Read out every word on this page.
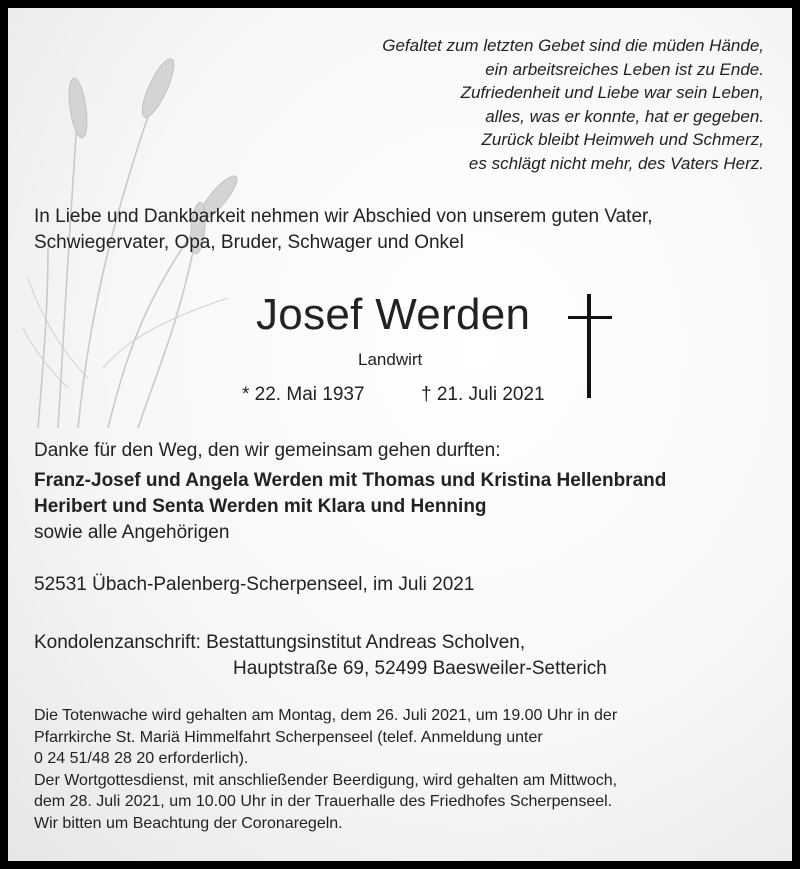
Gefaltet zum letzten Gebet sind die müden Hände,
ein arbeitsreiches Leben ist zu Ende.
Zufriedenheit und Liebe war sein Leben,
alles, was er konnte, hat er gegeben.
Zurück bleibt Heimweh und Schmerz,
es schlägt nicht mehr, des Vaters Herz.
In Liebe und Dankbarkeit nehmen wir Abschied von unserem guten Vater,
Schwiegervater, Opa, Bruder, Schwager und Onkel
Josef Werden
Landwirt
* 22. Mai 1937	† 21. Juli 2021
Danke für den Weg, den wir gemeinsam gehen durften:
Franz-Josef und Angela Werden mit Thomas und Kristina Hellenbrand
Heribert und Senta Werden mit Klara und Henning
sowie alle Angehörigen
52531 Übach-Palenberg-Scherpenseel, im Juli 2021
Kondolenzanschrift: Bestattungsinstitut Andreas Scholven,
Hauptstraße 69, 52499 Baesweiler-Setterich
Die Totenwache wird gehalten am Montag, dem 26. Juli 2021, um 19.00 Uhr in der
Pfarrkirche St. Mariä Himmelfahrt Scherpenseel (telef. Anmeldung unter
0 24 51/48 28 20 erforderlich).
Der Wortgottesdienst, mit anschließender Beerdigung, wird gehalten am Mittwoch,
dem 28. Juli 2021, um 10.00 Uhr in der Trauerhalle des Friedhofes Scherpenseel.
Wir bitten um Beachtung der Coronaregeln.
